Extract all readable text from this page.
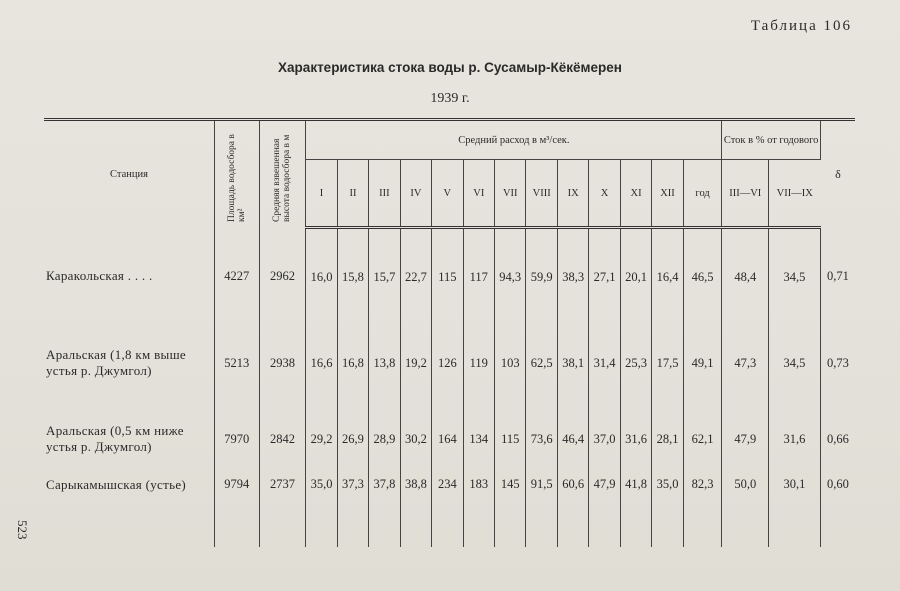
Таблица 106
Характеристика стока воды р. Сусамыр-Кёкёмерен
1939 г.
523
Станция	Площадь водосбора в км²	Средняя взвешенная высота водосбора в м	Средний расход в м³/сек.													Сток в % от годового		δ
			I	II	III	IV	V	VI	VII	VIII	IX	X	XI	XII	год	III—VI	VII—IX	
Каракольская . . . .	4227	2962	16,0	15,8	15,7	22,7	115	117	94,3	59,9	38,3	27,1	20,1	16,4	46,5	48,4	34,5	0,71
Аральская (1,8 км выше устья р. Джумгол)	5213	2938	16,6	16,8	13,8	19,2	126	119	103	62,5	38,1	31,4	25,3	17,5	49,1	47,3	34,5	0,73
Аральская (0,5 км ниже устья р. Джумгол)	7970	2842	29,2	26,9	28,9	30,2	164	134	115	73,6	46,4	37,0	31,6	28,1	62,1	47,9	31,6	0,66
Сарыкамышская (устье)	9794	2737	35,0	37,3	37,8	38,8	234	183	145	91,5	60,6	47,9	41,8	35,0	82,3	50,0	30,1	0,60
